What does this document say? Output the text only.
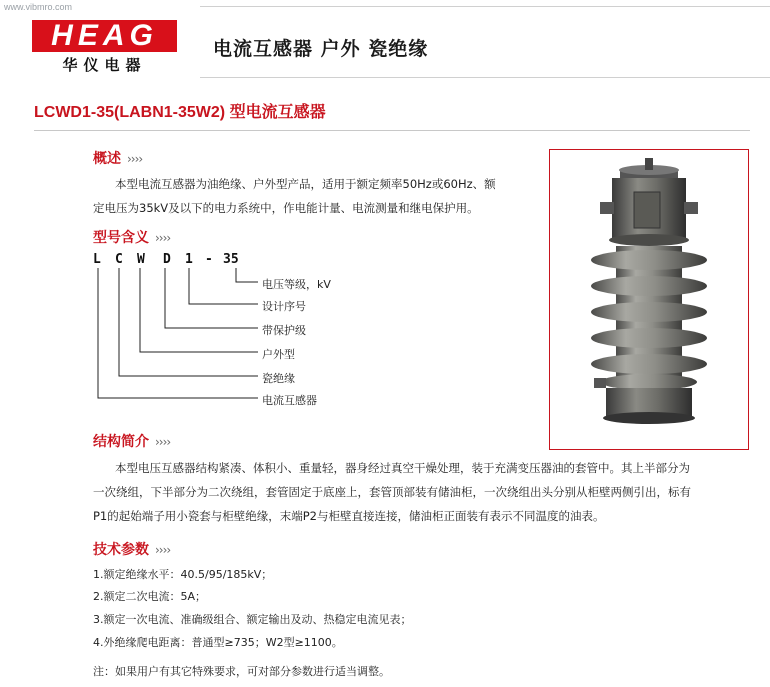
www.vibmro.com
HEAG
华仪电器
电流互感器 户外 瓷绝缘
LCWD1-35(LABN1-35W2) 型电流互感器
概述 ››››
本型电流互感器为油绝缘、户外型产品，适用于额定频率50Hz或60Hz、额
定电压为35kV及以下的电力系统中，作电能计量、电流测量和继电保护用。
型号含义 ››››
L C W D 1 - 35
电压等级，kV
设计序号
带保护级
户外型
瓷绝缘
电流互感器
结构简介 ››››
本型电压互感器结构紧凑、体积小、重量轻，器身经过真空干燥处理，装于充满变压器油的套管中。其上半部分为
一次绕组，下半部分为二次绕组，套管固定于底座上，套管顶部装有储油柜，一次绕组出头分别从柜壁两侧引出，标有
P1的起始端子用小瓷套与柜壁绝缘，末端P2与柜壁直接连接，储油柜正面装有表示不同温度的油表。
技术参数 ››››
1.额定绝缘水平：40.5/95/185kV；
2.额定二次电流：5A；
3.额定一次电流、准确级组合、额定输出及动、热稳定电流见表；
4.外绝缘爬电距离：普通型≥735；W2型≥1100。
注：如果用户有其它特殊要求，可对部分参数进行适当调整。
